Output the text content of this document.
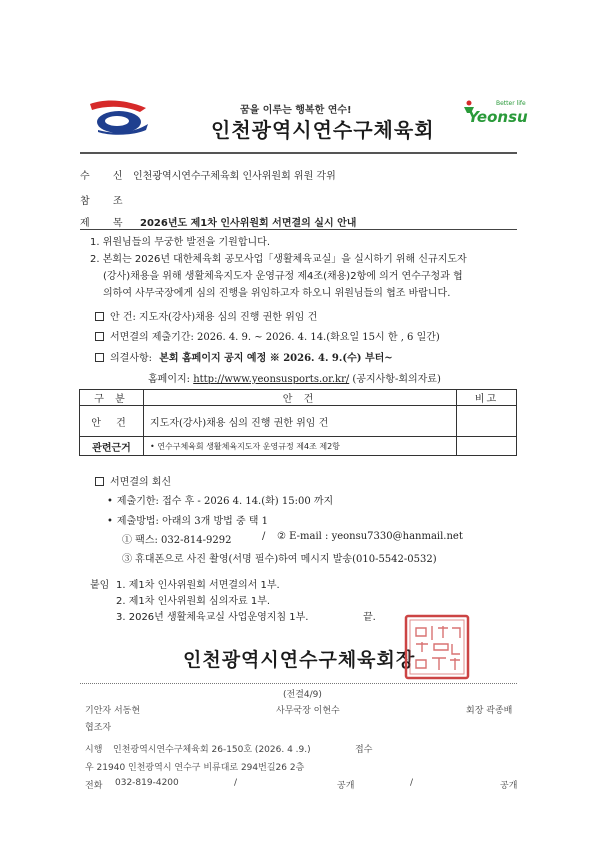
꿈을 이루는 행복한 연수!
인천광역시연수구체육회
Better life
Yeonsu
수 신 인천광역시연수구체육회 인사위원회 위원 각위
참 조
제 목 2026년도 제1차 인사위원회 서면결의 실시 안내
1. 위원님들의 무궁한 발전을 기원합니다.
2. 본회는 2026년 대한체육회 공모사업「생활체육교실」을 실시하기 위해 신규지도자
(강사)채용을 위해 생활체육지도자 운영규정 제4조(채용)2항에 의거 연수구청과 협
의하여 사무국장에게 심의 진행을 위임하고자 하오니 위원님들의 협조 바랍니다.
안 건: 지도자(강사)채용 심의 진행 권한 위임 건
서면결의 제출기간: 2026. 4. 9. ~ 2026. 4. 14.(화요일 15시 한 , 6 일간)
의결사항: 본회 홈페이지 공지 예정 ※ 2026. 4. 9.(수) 부터~
홈페이지: http://www.yeonsusports.or.kr/ (공지사항-회의자료)
구 분	안 건	비고
안 건	지도자(강사)채용 심의 진행 권한 위임 건	
관련근거	• 연수구체육회 생활체육지도자 운영규정 제4조 제2항	
서면결의 회신
• 제출기한: 접수 후 - 2026 4. 14.(화) 15:00 까지
• 제출방법: 아래의 3개 방법 중 택 1
① 팩스: 032-814-9292	/ ② E-mail : yeonsu7330@hanmail.net
③ 휴대폰으로 사진 촬영(서명 필수)하여 메시지 발송(010-5542-0532)
붙임 1. 제1차 인사위원회 서면결의서 1부.
2. 제1차 인사위원회 심의자료 1부.
3. 2026년 생활체육교실 사업운영지침 1부.	끝.
인천광역시연수구체육회장
(전결4/9)
기안자 서동현	사무국장 이현수	회장 곽종배
협조자
시행 인천광역시연수구체육회 26-150호 (2026. 4 .9.)	접수
우 21940 인천광역시 연수구 비류대로 294번길26 2층
전화 032-819-4200	/	공개	/	공개
